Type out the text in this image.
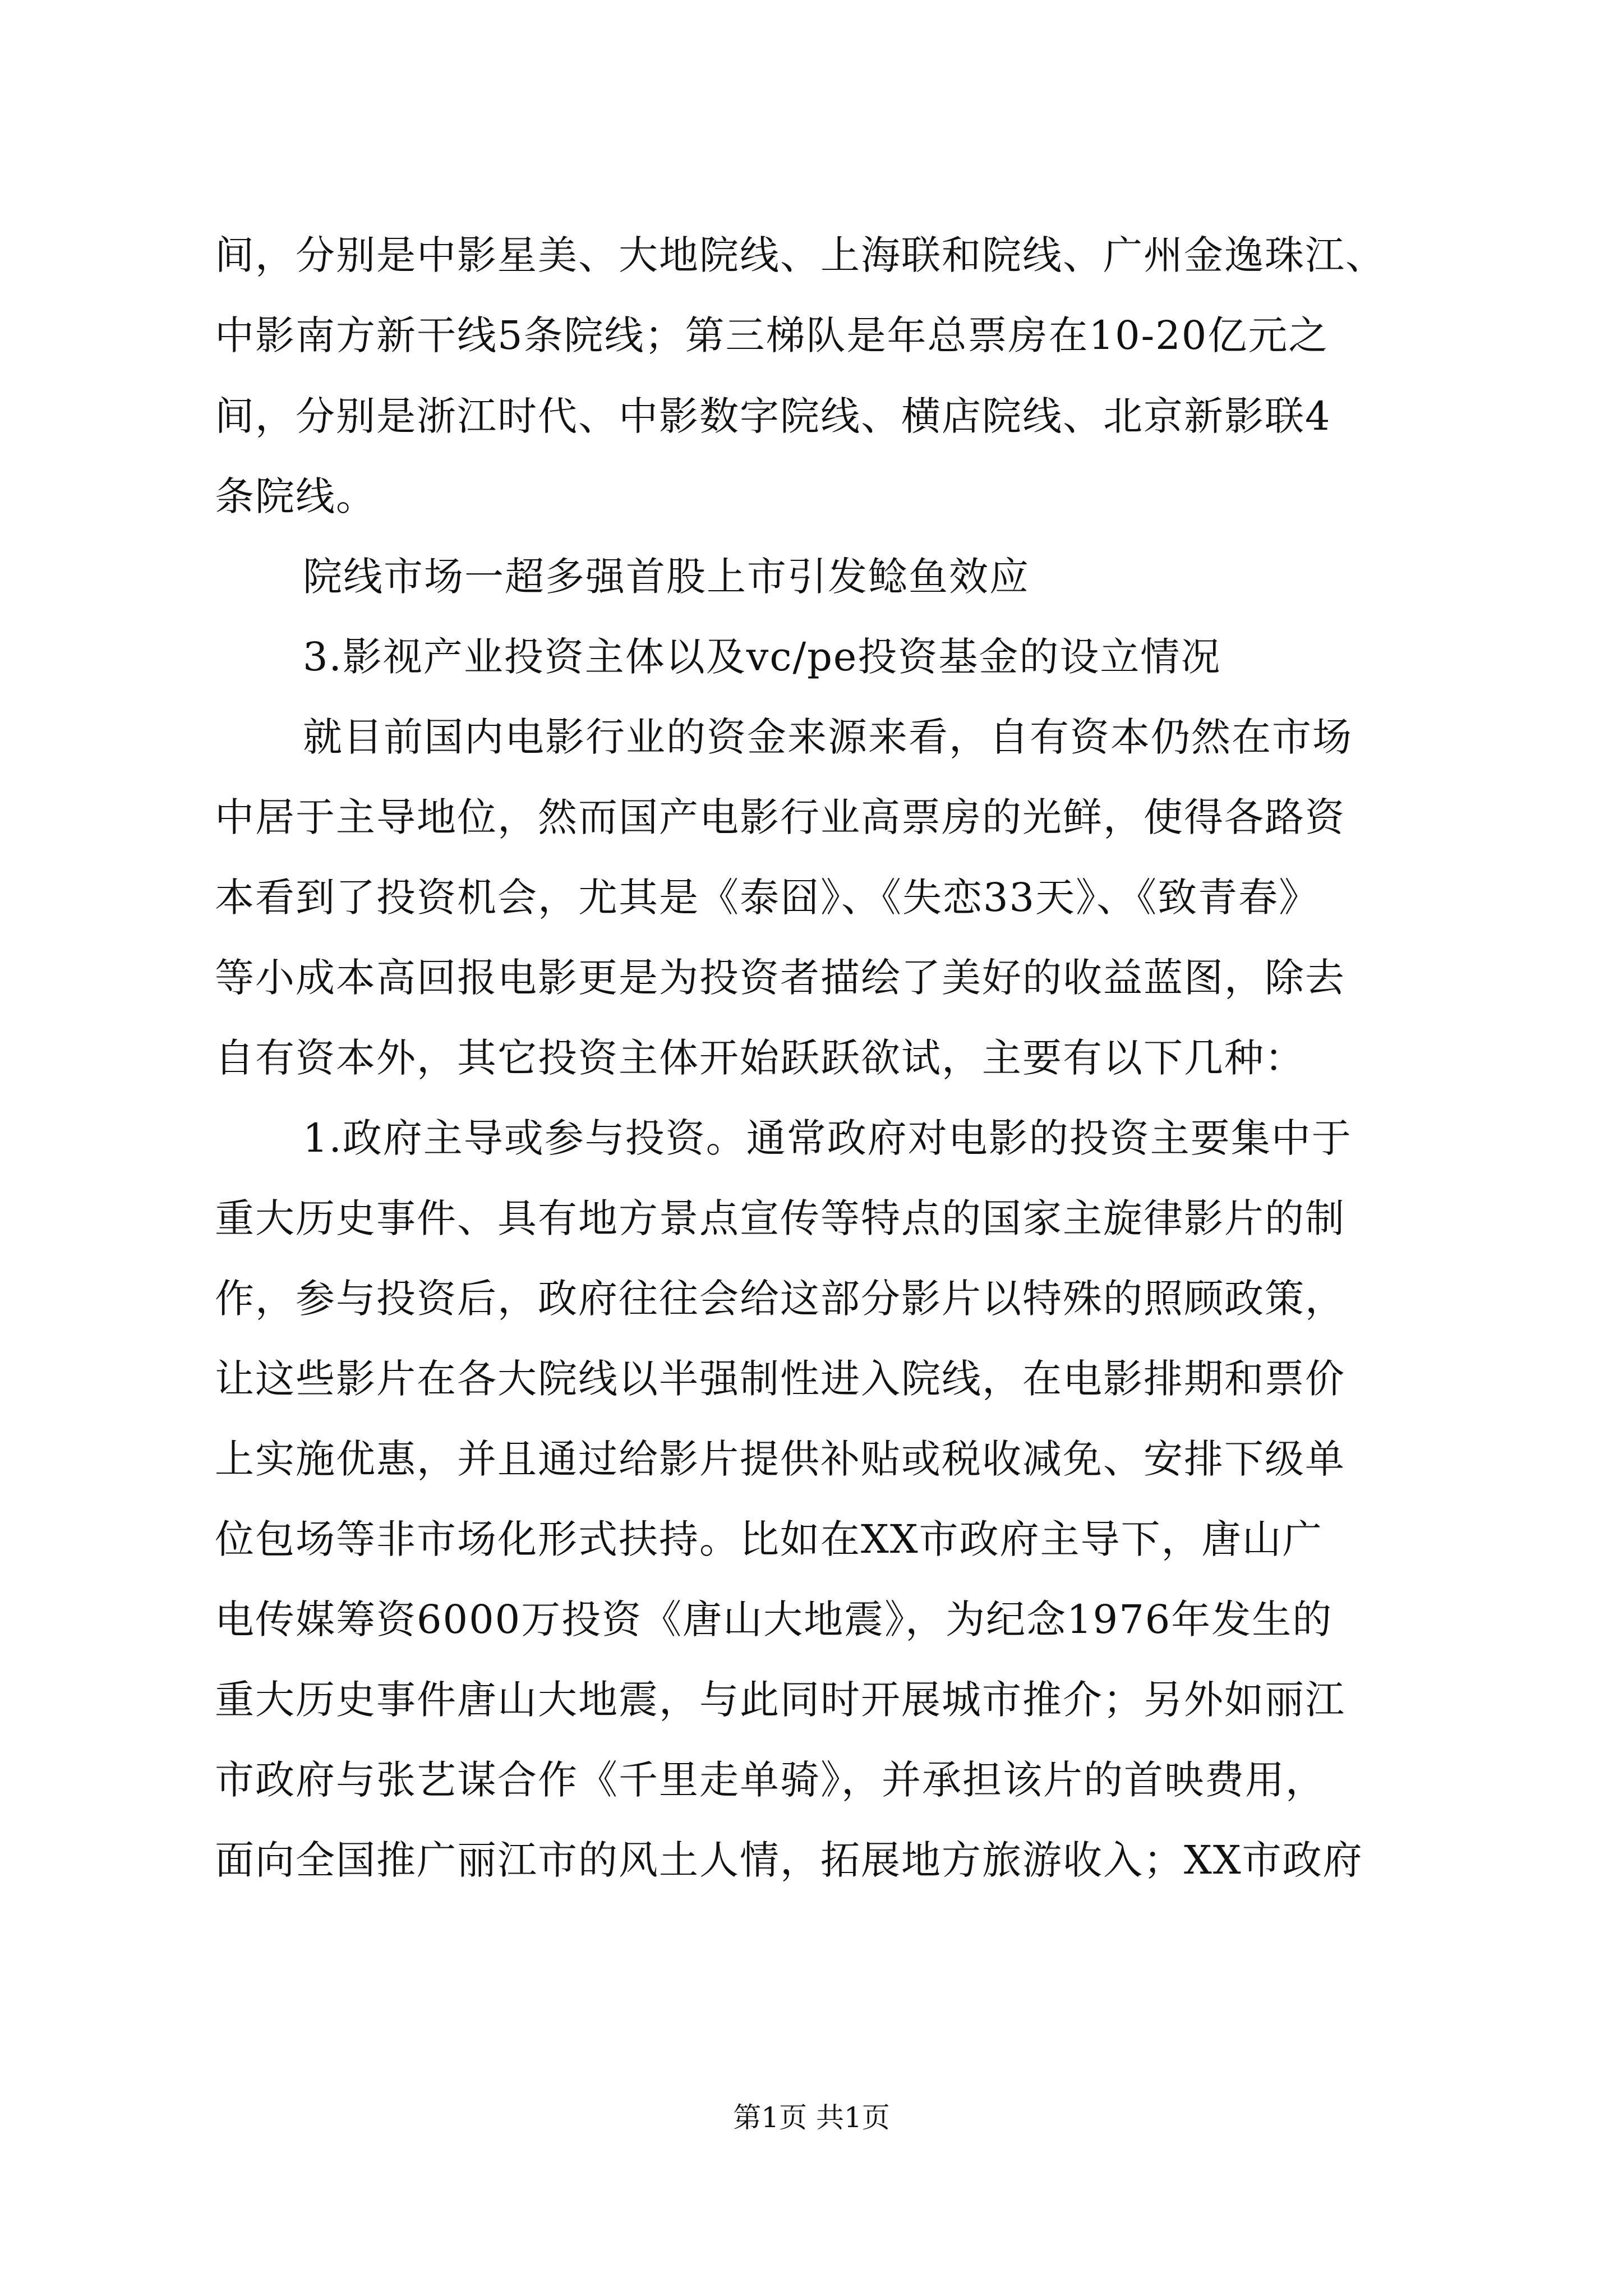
间，分别是中影星美、大地院线、上海联和院线、广州金逸珠江、
中影南方新干线5条院线；第三梯队是年总票房在10-20亿元之
间，分别是浙江时代、中影数字院线、横店院线、北京新影联4
条院线。
院线市场一超多强首股上市引发鲶鱼效应
3.影视产业投资主体以及vc/pe投资基金的设立情况
就目前国内电影行业的资金来源来看，自有资本仍然在市场
中居于主导地位，然而国产电影行业高票房的光鲜，使得各路资
本看到了投资机会，尤其是《泰囧》、《失恋33天》、《致青春》
等小成本高回报电影更是为投资者描绘了美好的收益蓝图，除去
自有资本外，其它投资主体开始跃跃欲试，主要有以下几种：
1.政府主导或参与投资。通常政府对电影的投资主要集中于
重大历史事件、具有地方景点宣传等特点的国家主旋律影片的制
作，参与投资后，政府往往会给这部分影片以特殊的照顾政策，
让这些影片在各大院线以半强制性进入院线，在电影排期和票价
上实施优惠，并且通过给影片提供补贴或税收减免、安排下级单
位包场等非市场化形式扶持。比如在XX市政府主导下，唐山广
电传媒筹资6000万投资《唐山大地震》，为纪念1976年发生的
重大历史事件唐山大地震，与此同时开展城市推介；另外如丽江
市政府与张艺谋合作《千里走单骑》，并承担该片的首映费用，
面向全国推广丽江市的风土人情，拓展地方旅游收入；XX市政府
第1页 共1页
